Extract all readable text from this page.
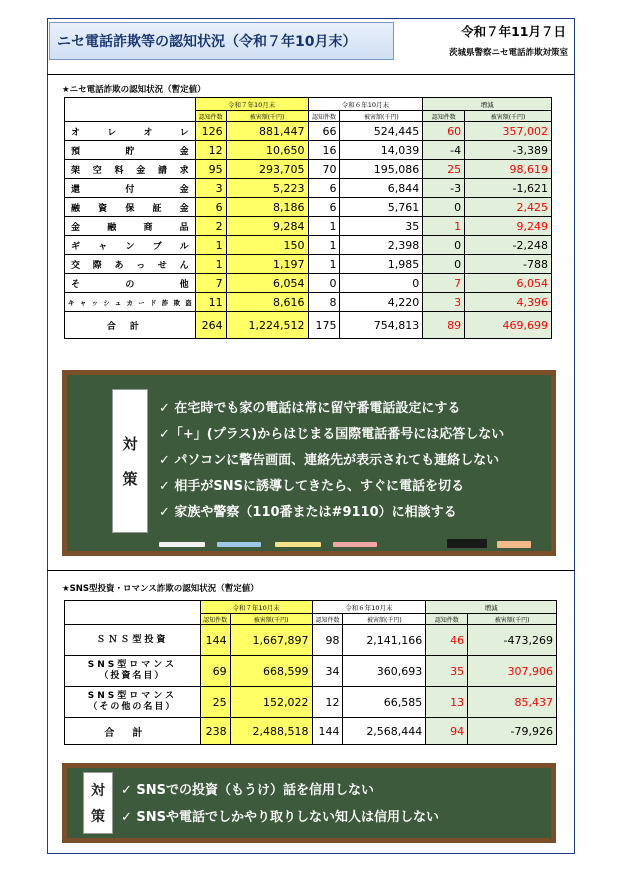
ニセ電話詐欺等の認知状況（令和７年10月末）
令和７年11月７日
茨城県警察ニセ電話詐欺対策室
★ニセ電話詐欺の認知状況（暫定値）
	令和７年10月末		令和６年10月末		増減	
	認知件数	被害額(千円)	認知件数	被害額(千円)	認知件数	被害額(千円)
オレオレ	126	881,447	66	524,445	60	357,002
預貯金	12	10,650	16	14,039	-4	-3,389
架空料金請求	95	293,705	70	195,086	25	98,619
還付金	3	5,223	6	6,844	-3	-1,621
融資保証金	6	8,186	6	5,761	0	2,425
金融商品	2	9,284	1	35	1	9,249
ギャンブル	1	150	1	2,398	0	-2,248
交際あっせん	1	1,197	1	1,985	0	-788
その他	7	6,054	0	0	7	6,054
キャッシュカード詐欺盗	11	8,616	8	4,220	3	4,396
合計	264	1,224,512	175	754,813	89	469,699
対
策
✓ 在宅時でも家の電話は常に留守番電話設定にする
✓「+」(プラス)からはじまる国際電話番号には応答しない
✓ パソコンに警告画面、連絡先が表示されても連絡しない
✓ 相手がSNSに誘導してきたら、すぐに電話を切る
✓ 家族や警察（110番または#9110）に相談する
★SNS型投資・ロマンス詐欺の認知状況（暫定値）
	令和７年10月末		令和６年10月末		増減	
	認知件数	被害額(千円)	認知件数	被害額(千円)	認知件数	被害額(千円)

ＳＮＳ型投資	144	1,667,897	98	2,141,166	46	-473,269

SNS型ロマンス
（投資名目）	69	668,599	34	360,693	35	307,906

SNS型ロマンス
（その他の名目）	25	152,022	12	66,585	13	85,437
合計	238	2,488,518	144	2,568,444	94	-79,926
対
策
✓ SNSでの投資（もうけ）話を信用しない
✓ SNSや電話でしかやり取りしない知人は信用しない
